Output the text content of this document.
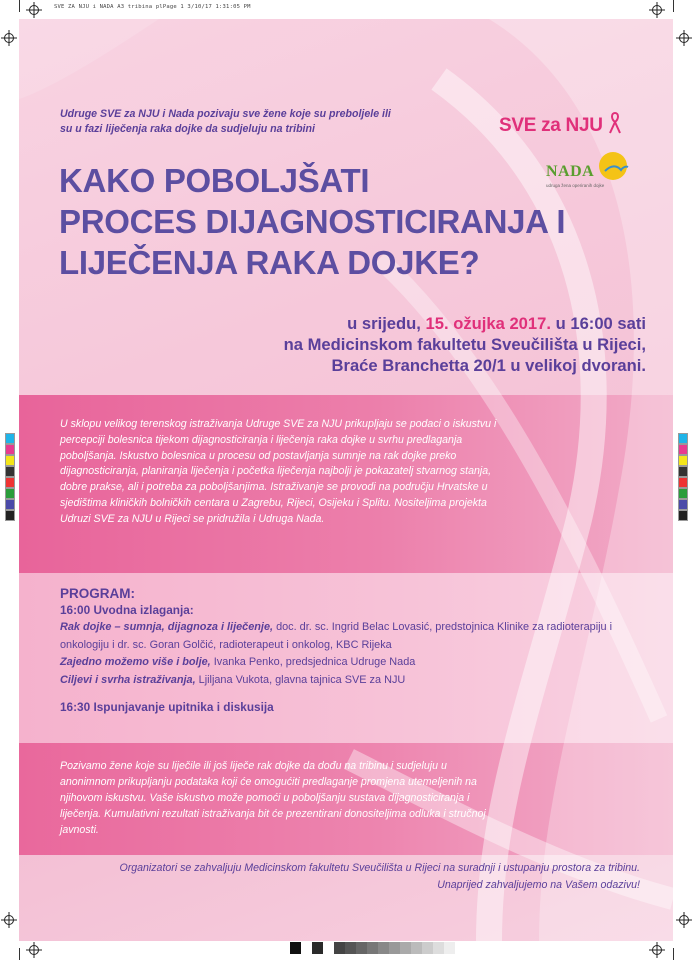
SVE ZA NJU i NADA A3 tribina plPage 1 3/10/17 1:31:05 PM
Udruge SVE za NJU i Nada pozivaju sve žene koje su preboljele ili
su u fazi liječenja raka dojke da sudjeluju na tribini	SVE za NJU
NADA
udruga žena operiranih dojke
KAKO POBOLJŠATI
PROCES DIJAGNOSTICIRANJA I
LIJEČENJA RAKA DOJKE?
u srijedu, 15. ožujka 2017. u 16:00 sati
na Medicinskom fakultetu Sveučilišta u Rijeci,
Braće Branchetta 20/1 u velikoj dvorani.
U sklopu velikog terenskog istraživanja Udruge SVE za NJU prikupljaju se podaci o iskustvu i percepciji bolesnica tijekom dijagnosticiranja i liječenja raka dojke u svrhu predlaganja poboljšanja. Iskustvo bolesnica u procesu od postavljanja sumnje na rak dojke preko dijagnosticiranja, planiranja liječenja i početka liječenja najbolji je pokazatelj stvarnog stanja, dobre prakse, ali i potreba za poboljšanjima. Istraživanje se provodi na području Hrvatske u sjedištima kliničkih bolničkih centara u Zagrebu, Rijeci, Osijeku i Splitu. Nositeljima projekta Udruzi SVE za NJU u Rijeci se pridružila i Udruga Nada.
PROGRAM:
16:00 Uvodna izlaganja:
Rak dojke – sumnja, dijagnoza i liječenje, doc. dr. sc. Ingrid Belac Lovasić, predstojnica Klinike za radioterapiju i onkologiju i dr. sc. Goran Golčić, radioterapeut i onkolog, KBC Rijeka
Zajedno možemo više i bolje, Ivanka Penko, predsjednica Udruge Nada
Ciljevi i svrha istraživanja, Ljiljana Vukota, glavna tajnica SVE za NJU
16:30 Ispunjavanje upitnika i diskusija
Pozivamo žene koje su liječile ili još liječe rak dojke da dođu na tribinu i sudjeluju u anonimnom prikupljanju podataka koji će omogućiti predlaganje promjena utemeljenih na njihovom iskustvu. Vaše iskustvo može pomoći u poboljšanju sustava dijagnosticiranja i liječenja. Kumulativni rezultati istraživanja bit će prezentirani donositeljima odluka i stručnoj javnosti.
Organizatori se zahvaljuju Medicinskom fakultetu Sveučilišta u Rijeci na suradnji i ustupanju prostora za tribinu.
Unaprijed zahvaljujemo na Vašem odazivu!
